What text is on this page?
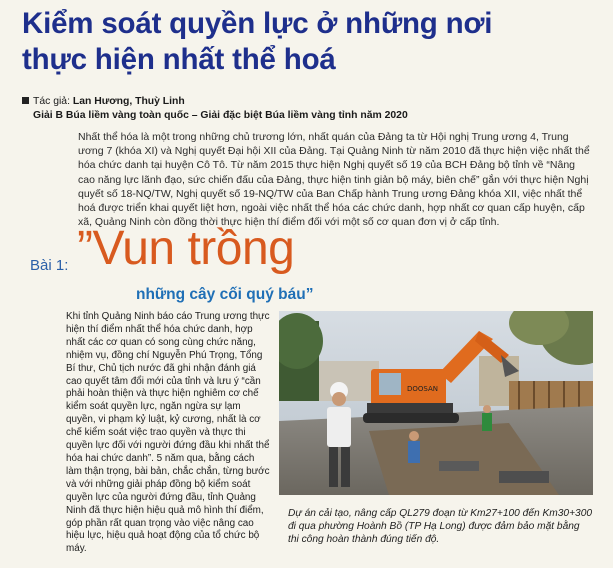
Kiểm soát quyền lực ở những nơi
thực hiện nhất thể hoá
Tác giả: Lan Hương, Thuỳ Linh
Giải B Búa liềm vàng toàn quốc – Giải đặc biệt Búa liềm vàng tỉnh năm 2020

Nhất thể hóa là một trong những chủ trương lớn, nhất quán của Đảng ta từ Hội nghị Trung ương 4, Trung ương 7 (khóa XI) và Nghị quyết Đại hội XII của Đảng. Tại Quảng Ninh từ năm 2010 đã thực hiện việc nhất thể hóa chức danh tại huyện Cô Tô. Từ năm 2015 thực hiện Nghị quyết số 19 của BCH Đảng bộ tỉnh về “Nâng cao năng lực lãnh đạo, sức chiến đấu của Đảng, thực hiện tinh giản bộ máy, biên chế” gắn với thực hiện Nghị quyết số 18-NQ/TW, Nghị quyết số 19-NQ/TW của Ban Chấp hành Trung ương Đảng khóa XII, việc nhất thể hoá được triển khai quyết liệt hơn, ngoài việc nhất thể hóa các chức danh, hợp nhất cơ quan cấp huyện, cấp xã, Quảng Ninh còn đồng thời thực hiện thí điểm đối với một số cơ quan đơn vị ở cấp tỉnh.

”Vun trồng
Bài 1:
những cây cối quý báu”

Khi tỉnh Quảng Ninh báo cáo Trung ương thực hiện thí điểm nhất thể hóa chức danh, hợp nhất các cơ quan có song cùng chức năng, nhiệm vụ, đồng chí Nguyễn Phú Trọng, Tổng Bí thư, Chủ tịch nước đã ghi nhận đánh giá cao quyết tâm đổi mới của tỉnh và lưu ý “cần phải hoàn thiện và thực hiện nghiêm cơ chế kiểm soát quyền lực, ngăn ngừa sự lạm quyền, vi phạm kỷ luật, kỷ cương, nhất là cơ chế kiểm soát việc trao quyền và thực thi quyền lực đối với người đứng đầu khi nhất thể hóa hai chức danh”. 5 năm qua, bằng cách làm thận trọng, bài bản, chắc chắn, từng bước và với những giải pháp đồng bộ kiểm soát quyền lực của người đứng đầu, tỉnh Quảng Ninh đã thực hiện hiệu quả mô hình thí điểm, góp phần rất quan trọng vào việc nâng cao hiệu lực, hiệu quả hoạt động của tổ chức bộ máy.

DOOSAN

Dự án cải tạo, nâng cấp QL279 đoạn từ Km27+100 đến Km30+300 đi qua phường Hoành Bồ (TP Hạ Long) được đảm bảo mặt bằng thi công hoàn thành đúng tiến độ.
